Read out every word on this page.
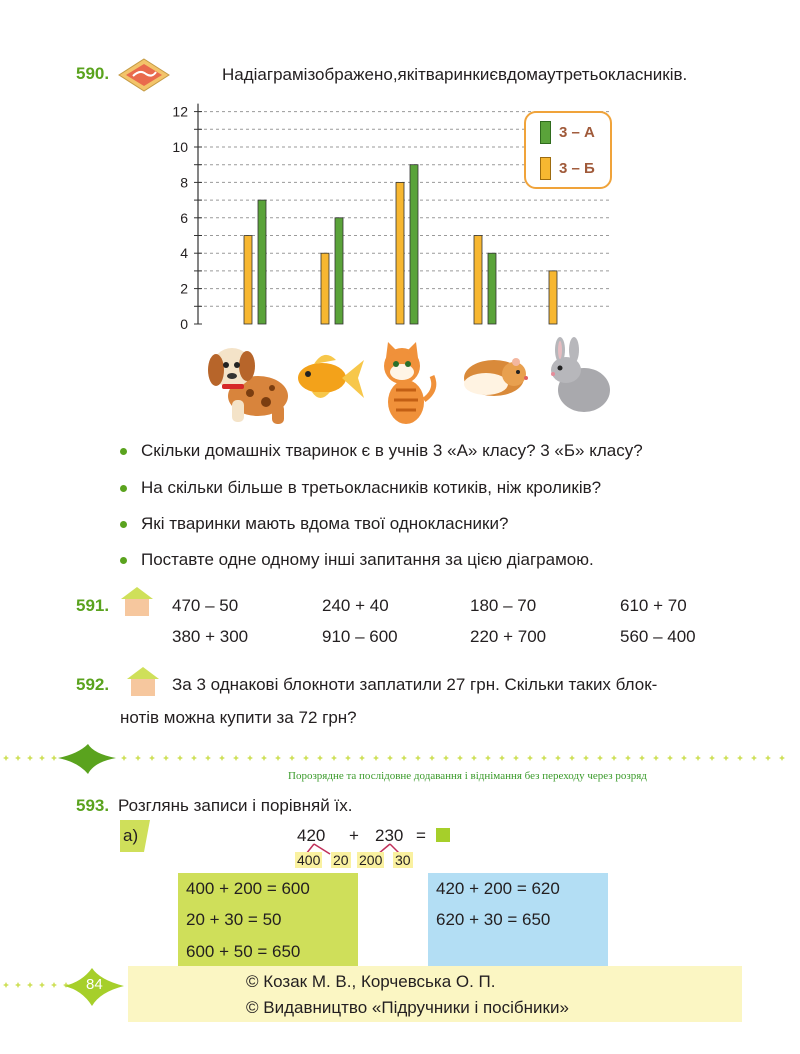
590.	Надіаграмізображено,якітваринкиєвдомаутретьокласників.
0
2
4
6
8
10
12
3 – А
3 – Б
Скільки домашніх тваринок є в учнів 3 «А» класу? 3 «Б» класу?
На скільки більше в третьокласників котиків, ніж кроликів?
Які тваринки мають вдома твої однокласники?
Поставте одне одному інші запитання за цією діаграмою.
591.	470 – 50	240 + 40	180 – 70	610 + 70
380 + 300	910 – 600	220 + 700	560 – 400
592.	За 3 однакові блокноти заплатили 27 грн. Скільки таких блок-
нотів можна купити за 72 грн?
Порозрядне та послідовне додавання і віднімання без переходу через розряд
593. Розглянь записи і порівняй їх.
а)	420 + 230 =
400 20 200 30
400 + 200 = 600
20 + 30 = 50
600 + 50 = 650
420 + 200 = 620
620 + 30 = 650
© Козак М. В., Корчевська О. П.
© Видавництво «Підручники і посібники»
84
